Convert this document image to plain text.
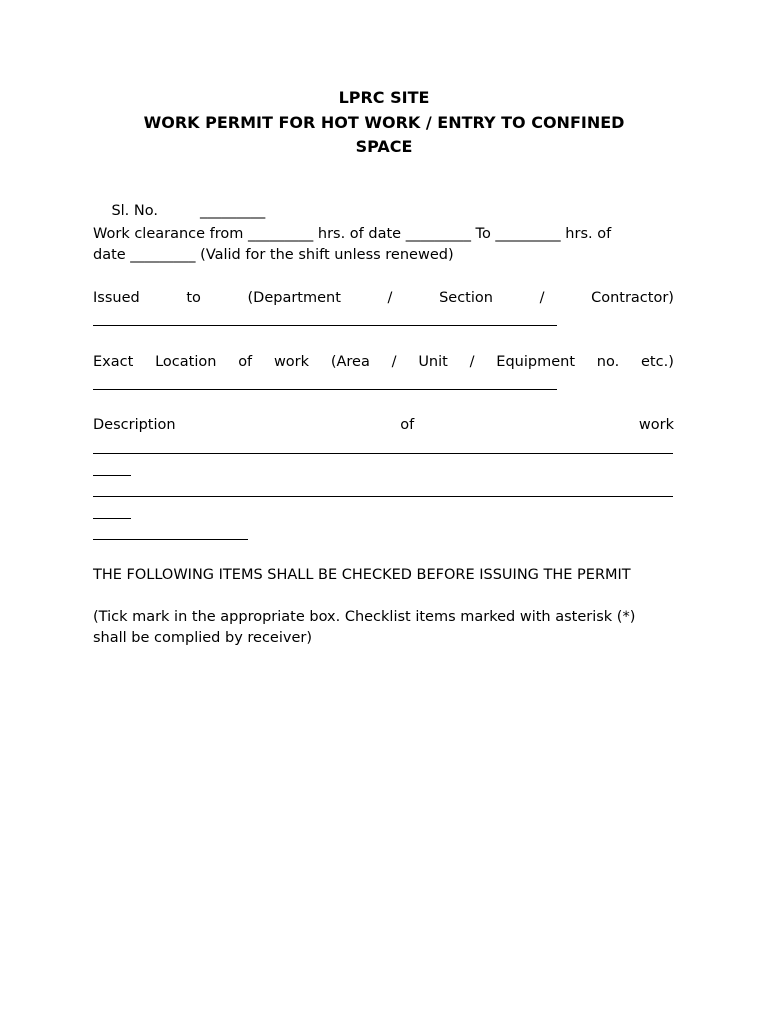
LPRC SITE
WORK PERMIT FOR HOT WORK / ENTRY TO CONFINED
SPACE

Sl. No.	_________

Work clearance from _________ hrs. of date _________ To _________ hrs. of
date _________ (Valid for the shift unless renewed)
Issued	to	(Department	/	Section	/	Contractor)
Exact Location of work (Area / Unit / Equipment no. etc.)
Description	of	work
THE FOLLOWING ITEMS SHALL BE CHECKED BEFORE ISSUING THE PERMIT
(Tick mark in the appropriate box. Checklist items marked with asterisk (*)
shall be complied by receiver)
